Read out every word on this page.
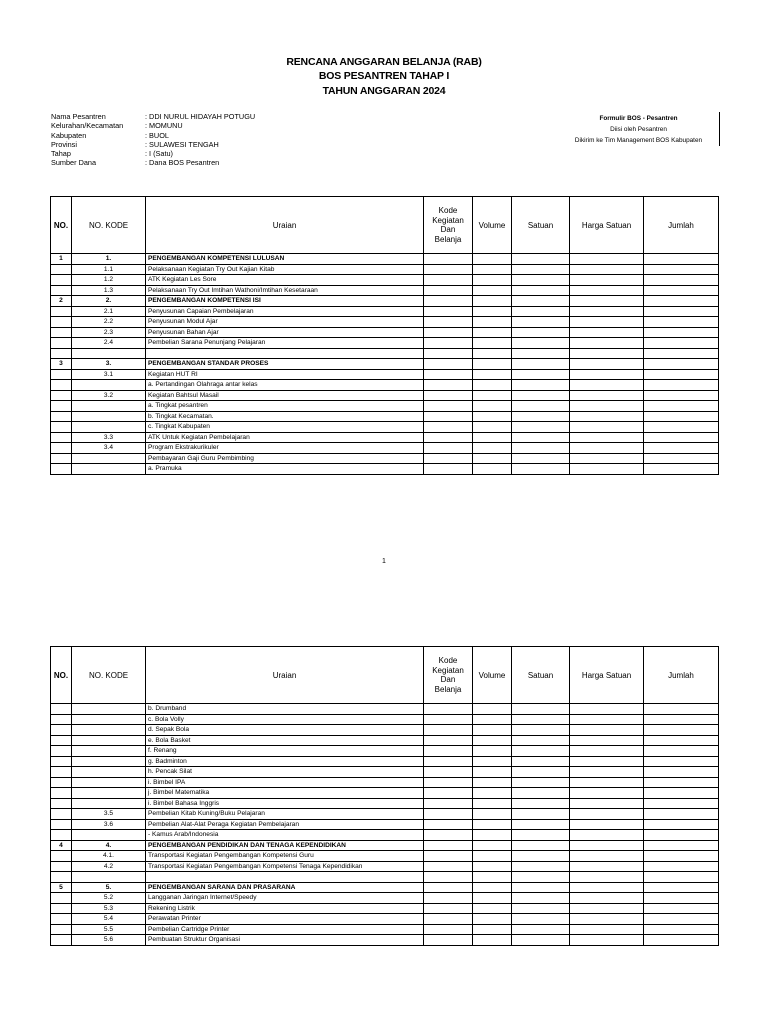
RENCANA ANGGARAN BELANJA (RAB)
BOS PESANTREN TAHAP I
TAHUN ANGGARAN 2024
Nama Pesantren	: DDI NURUL HIDAYAH POTUGU
Kelurahan/Kecamatan	: MOMUNU
Kabupaten	: BUOL
Provinsi	: SULAWESI TENGAH
Tahap	: I (Satu)
Sumber Dana	: Dana BOS Pesantren
Formulir BOS - Pesantren
Diisi oleh Pesantren
Dikirim ke Tim Management BOS Kabupaten
NO.	NO. KODE	Uraian	Kode
Kegiatan
Dan
Belanja	Volume	Satuan	Harga Satuan	Jumlah
1	1.	PENGEMBANGAN KOMPETENSI LULUSAN					
	1.1	Pelaksanaan Kegiatan Try Out Kajian Kitab					
	1.2	ATK Kegiatan Les Sore					
	1.3	Pelaksanaan Try Out Imtihan Wathoni/Imtihan Kesetaraan					
2	2.	PENGEMBANGAN KOMPETENSI ISI					
	2.1	Penyusunan Capaian Pembelajaran					
	2.2	Penyusunan Modul Ajar					
	2.3	Penyusunan Bahan Ajar					
	2.4	Pembelian Sarana Penunjang Pelajaran					

3	3.	PENGEMBANGAN STANDAR PROSES					
	3.1	Kegiatan HUT RI					
		a. Pertandingan Olahraga antar kelas					
	3.2	Kegiatan Bahtsul Masail					
		a. Tingkat pesantren					
		b. Tingkat Kecamatan.					
		c. Tingkat Kabupaten					
	3.3	ATK Untuk Kegiatan Pembelajaran					
	3.4	Program Ekstrakurikuler					
		Pembayaran Gaji Guru Pembimbing					
		a. Pramuka					
1
NO.	NO. KODE	Uraian	Kode
Kegiatan
Dan
Belanja	Volume	Satuan	Harga Satuan	Jumlah
		b. Drumband					
		c. Bola Volly					
		d. Sepak Bola					
		e. Bola Basket					
		f. Renang					
		g. Badminton					
		h. Pencak Silat					
		i. Bimbel IPA					
		j. Bimbel Matematika					
		i. Bimbel Bahasa Inggris					
	3.5	Pembelian Kitab Kuning/Buku Pelajaran					
	3.6	Pembelian Alat-Alat Peraga Kegiatan Pembelajaran					
		- Kamus Arab/Indonesia					
4	4.	PENGEMBANGAN PENDIDIKAN DAN TENAGA KEPENDIDIKAN					
	4.1.	Transportasi Kegiatan Pengembangan Kompetensi Guru					
	4.2	Transportasi Kegiatan Pengembangan Kompetensi Tenaga Kependidikan					

5	5.	PENGEMBANGAN SARANA DAN PRASARANA					
	5.2	Langganan Jaringan Internet/Speedy					
	5.3	Rekening Listrik					
	5.4	Perawatan Printer					
	5.5	Pembelian Cartridge Printer					
	5.6	Pembuatan Struktur Organisasi					
